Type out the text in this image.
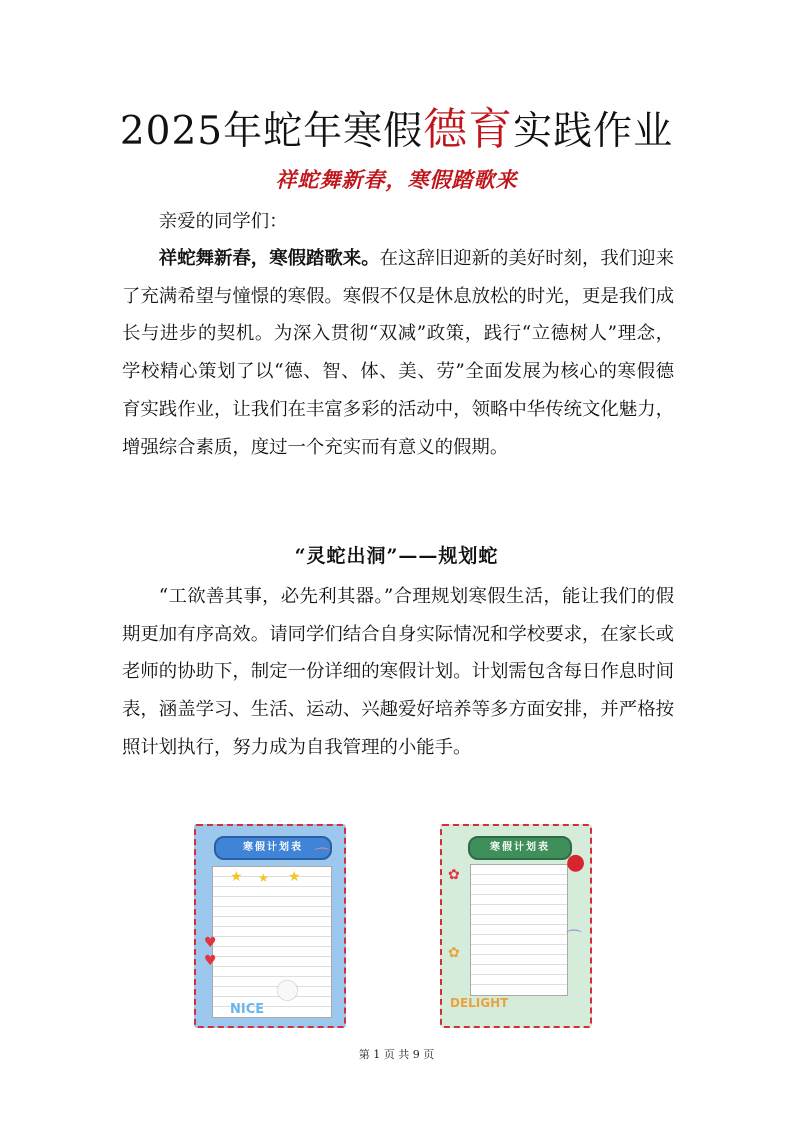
2025年蛇年寒假德育实践作业
祥蛇舞新春，寒假踏歌来

亲爱的同学们：

祥蛇舞新春，寒假踏歌来。在这辞旧迎新的美好时刻，我们迎来了充满希望与憧憬的寒假。寒假不仅是休息放松的时光，更是我们成长与进步的契机。为深入贯彻“双减”政策，践行“立德树人”理念，学校精心策划了以“德、智、体、美、劳”全面发展为核心的寒假德育实践作业，让我们在丰富多彩的活动中，领略中华传统文化魅力，增强综合素质，度过一个充实而有意义的假期。

“灵蛇出洞”——规划蛇

“工欲善其事，必先利其器。”合理规划寒假生活，能让我们的假期更加有序高效。请同学们结合自身实际情况和学校要求，在家长或老师的协助下，制定一份详细的寒假计划。计划需包含每日作息时间表，涵盖学习、生活、运动、兴趣爱好培养等多方面安排，并严格按照计划执行，努力成为自我管理的小能手。

寒假计划表
★ ★ ★
♥
♥
⌒
●
NICE
寒假计划表
●
✿
⌒
✿
DELIGHT
第 1 页 共 9 页
